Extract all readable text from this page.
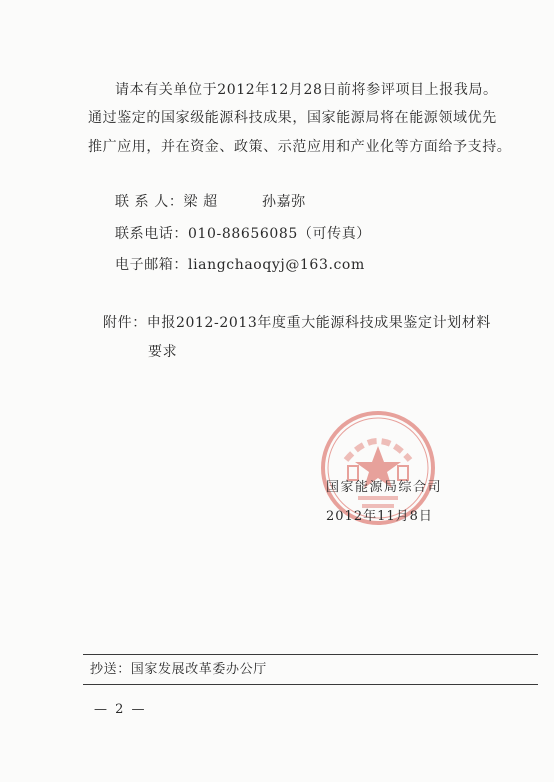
请本有关单位于2012年12月28日前将参评项目上报我局。
通过鉴定的国家级能源科技成果，国家能源局将在能源领域优先
推广应用，并在资金、政策、示范应用和产业化等方面给予支持。
联 系 人：梁 超	孙嘉弥
联系电话：010-88656085（可传真）
电子邮箱：liangchaoqyj@163.com
附件：申报2012-2013年度重大能源科技成果鉴定计划材料
要求
国家能源局综合司
2012年11月8日
抄送：国家发展改革委办公厅
— 2 —
